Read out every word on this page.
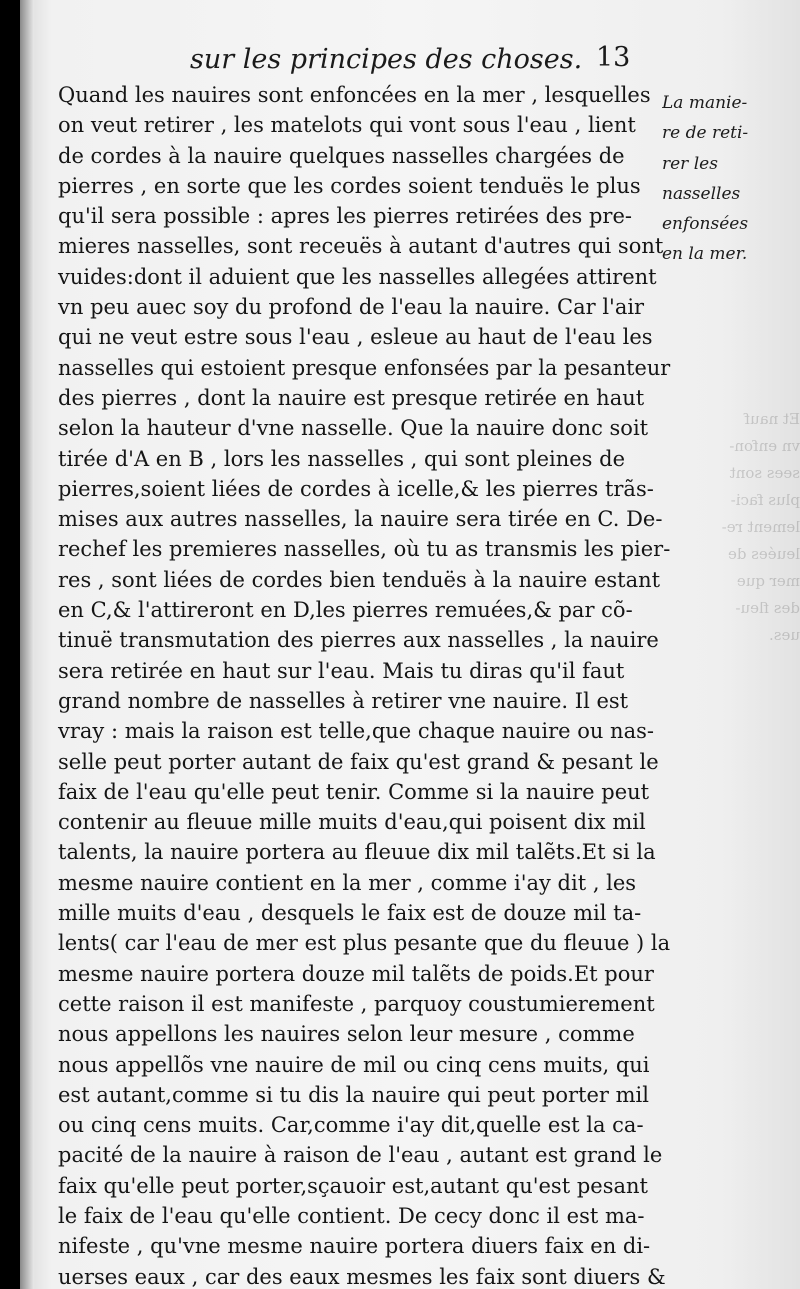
sur les principes des choses. 13
Quand les nauires sont enfoncées en la mer , lesquelles
on veut retirer , les matelots qui vont sous l'eau , lient
de cordes à la nauire quelques nasselles chargées de
pierres , en sorte que les cordes soient tenduës le plus
qu'il sera possible : apres les pierres retirées des pre-
mieres nasselles, sont receuës à autant d'autres qui sont
vuides:dont il aduient que les nasselles allegées attirent
vn peu auec soy du profond de l'eau la nauire. Car l'air
qui ne veut estre sous l'eau , esleue au haut de l'eau les
nasselles qui estoient presque enfonsées par la pesanteur
des pierres , dont la nauire est presque retirée en haut
selon la hauteur d'vne nasselle. Que la nauire donc soit
tirée d'A en B , lors les nasselles , qui sont pleines de
pierres,soient liées de cordes à icelle,& les pierres trãs-
mises aux autres nasselles, la nauire sera tirée en C. De-
rechef les premieres nasselles, où tu as transmis les pier-
res , sont liées de cordes bien tenduës à la nauire estant
en C,& l'attireront en D,les pierres remuées,& par cõ-
tinuë transmutation des pierres aux nasselles , la nauire
sera retirée en haut sur l'eau. Mais tu diras qu'il faut
grand nombre de nasselles à retirer vne nauire. Il est
vray : mais la raison est telle,que chaque nauire ou nas-
selle peut porter autant de faix qu'est grand & pesant le
faix de l'eau qu'elle peut tenir. Comme si la nauire peut
contenir au fleuue mille muits d'eau,qui poisent dix mil
talents, la nauire portera au fleuue dix mil talẽts.Et si la
mesme nauire contient en la mer , comme i'ay dit , les
mille muits d'eau , desquels le faix est de douze mil ta-
lents( car l'eau de mer est plus pesante que du fleuue ) la
mesme nauire portera douze mil talẽts de poids.Et pour
cette raison il est manifeste , parquoy coustumierement
nous appellons les nauires selon leur mesure , comme
nous appellõs vne nauire de mil ou cinq cens muits, qui
est autant,comme si tu dis la nauire qui peut porter mil
ou cinq cens muits. Car,comme i'ay dit,quelle est la ca-
pacité de la nauire à raison de l'eau , autant est grand le
faix qu'elle peut porter,sçauoir est,autant qu'est pesant
le faix de l'eau qu'elle contient. De cecy donc il est ma-
nifeste , qu'vne mesme nauire portera diuers faix en di-
uerses eaux , car des eaux mesmes les faix sont diuers &
La manie-
re de reti-
rer les
nasselles
enfonsées
en la mer.
Et nauf
vn enfon-
sees sont
plus faci-
lement re-
leuées de
mer que
des fleu-
ues.
